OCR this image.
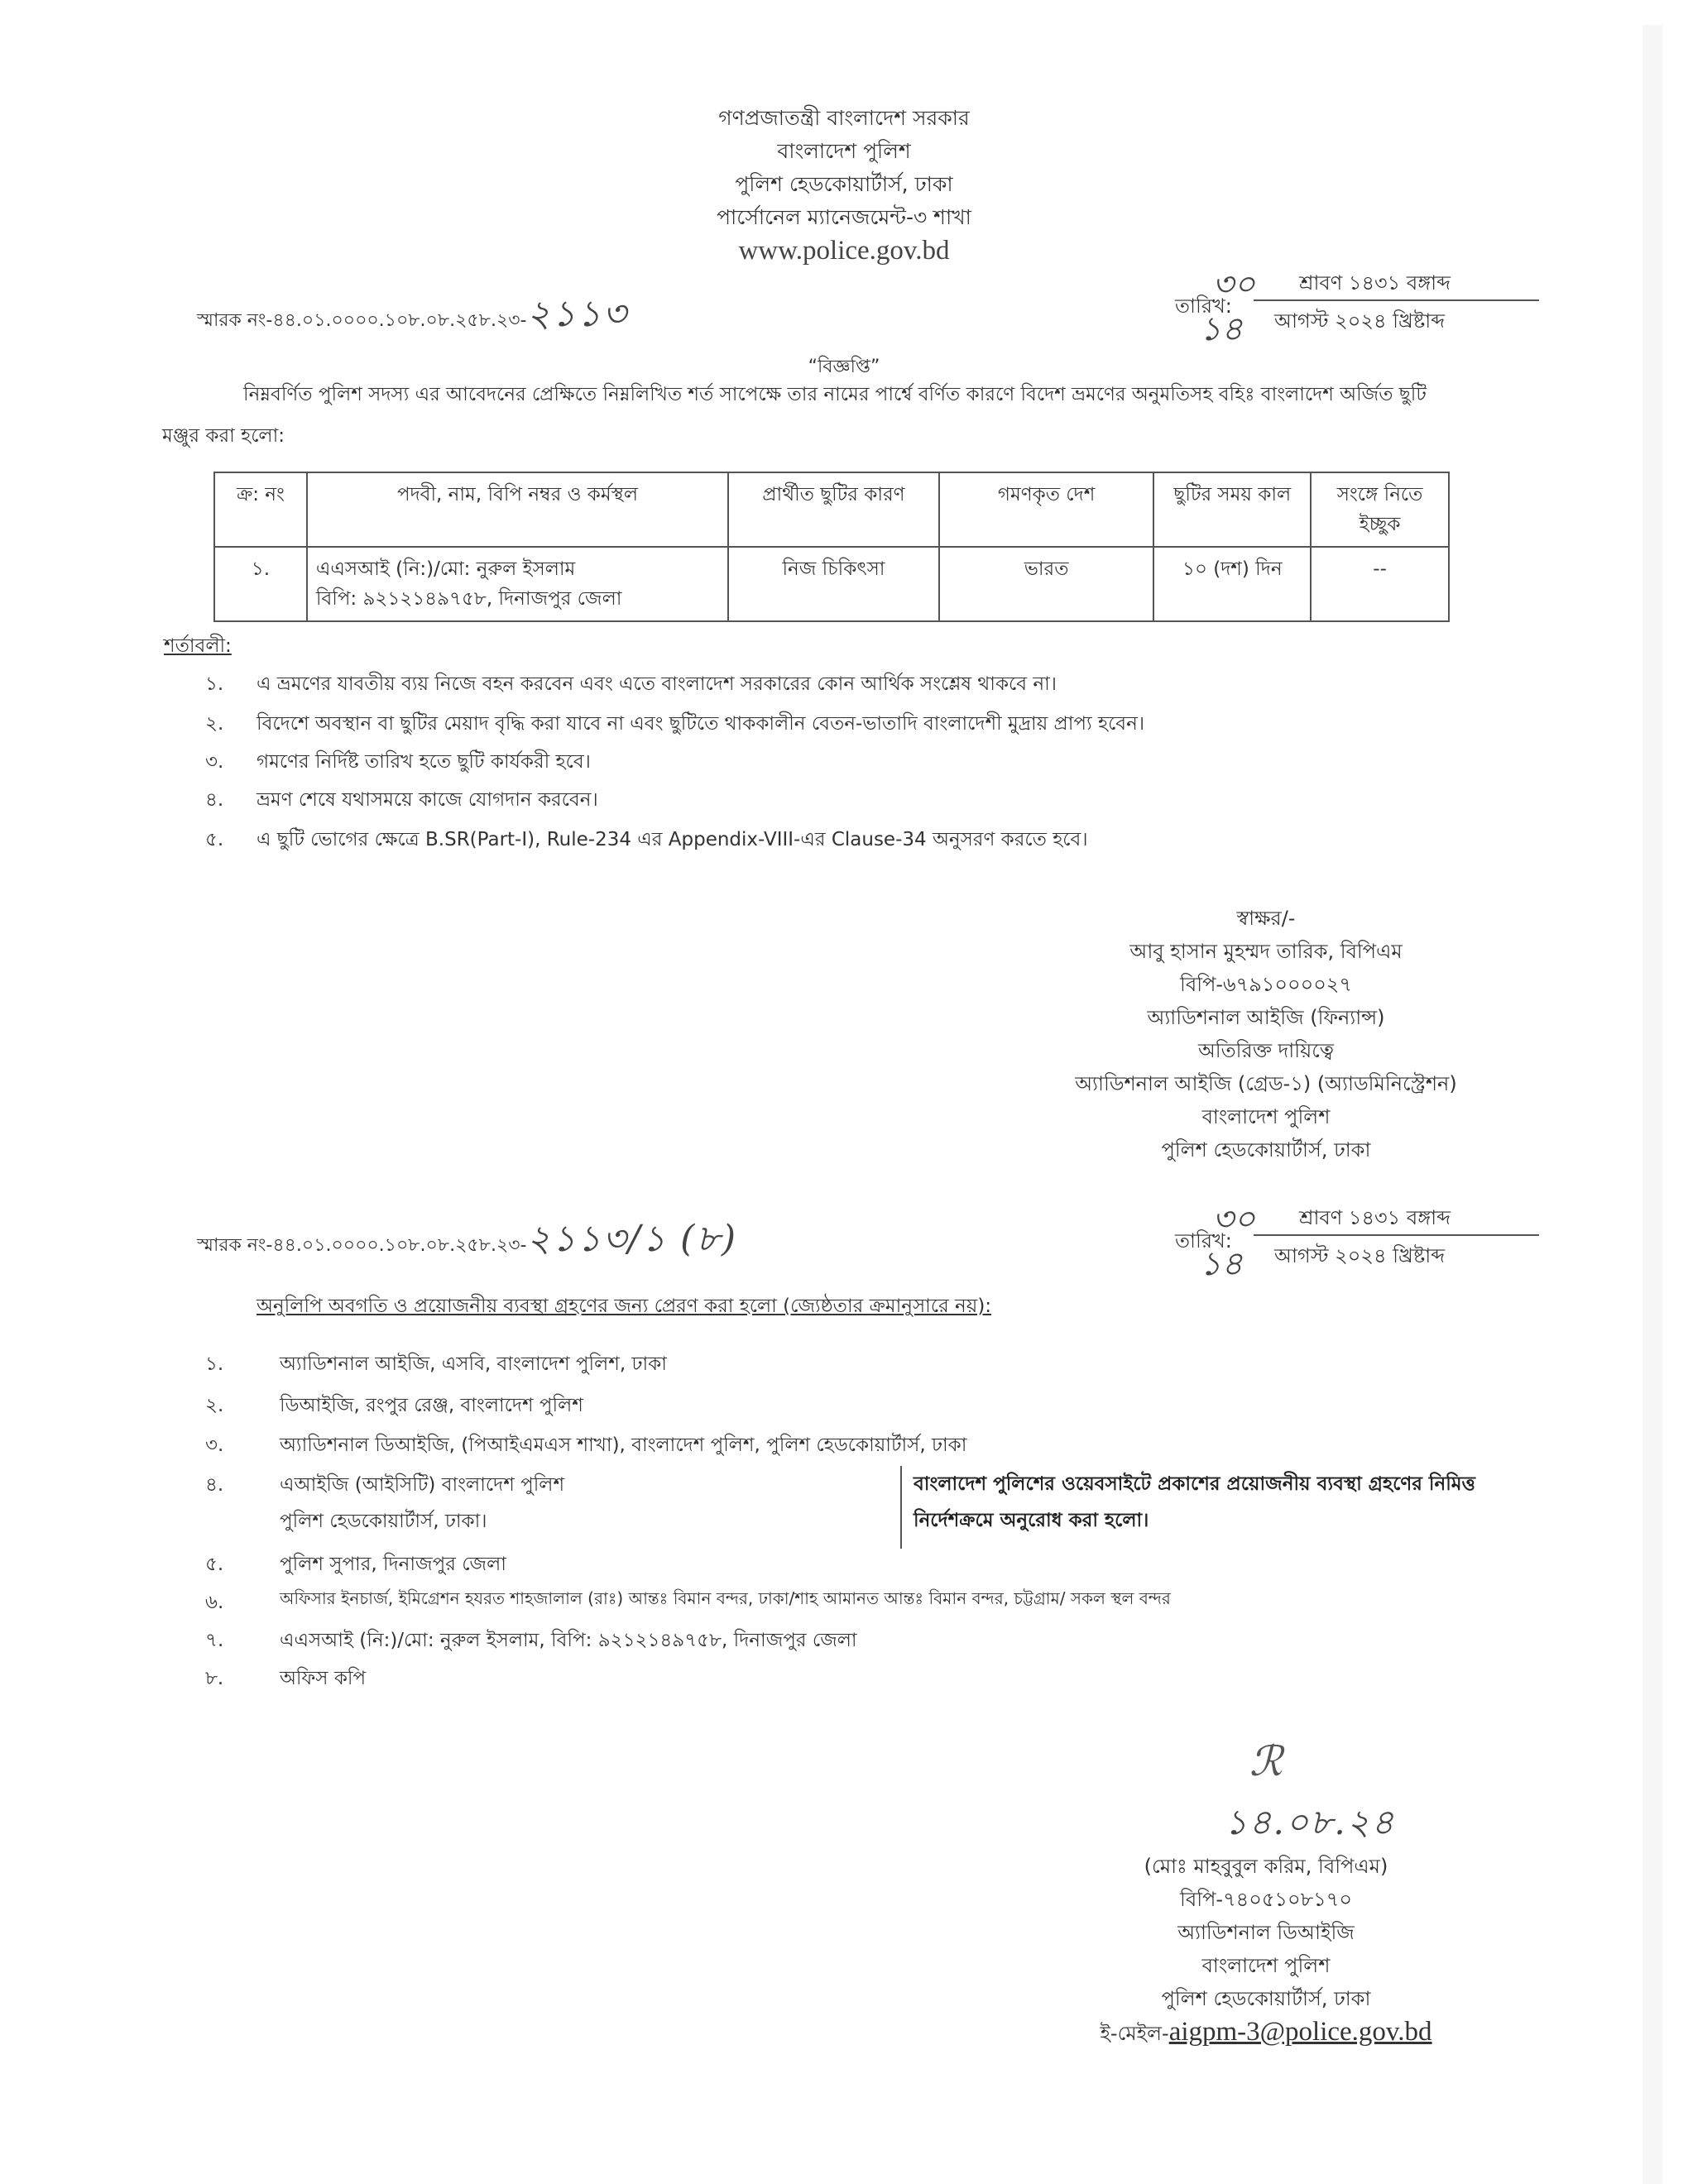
গণপ্রজাতন্ত্রী বাংলাদেশ সরকার
বাংলাদেশ পুলিশ
পুলিশ হেডকোয়ার্টার্স, ঢাকা
পার্সোনেল ম্যানেজমেন্ট-৩ শাখা
www.police.gov.bd
স্মারক নং-৪৪.০১.০০০০.১০৮.০৮.২৫৮.২৩-২১১৩	তারিখ:
৩০ শ্রাবণ ১৪৩১ বঙ্গাব্দ
১৪ আগস্ট ২০২৪ খ্রিষ্টাব্দ
“বিজ্ঞপ্তি”
নিম্নবর্ণিত পুলিশ সদস্য এর আবেদনের প্রেক্ষিতে নিম্নলিখিত শর্ত সাপেক্ষে তার নামের পার্শ্বে বর্ণিত কারণে বিদেশ ভ্রমণের অনুমতিসহ বহিঃ বাংলাদেশ অর্জিত ছুটি মঞ্জুর করা হলো:
ক্র: নং	পদবী, নাম, বিপি নম্বর ও কর্মস্থল	প্রার্থীত ছুটির কারণ	গমণকৃত দেশ	ছুটির সময় কাল	সংঙ্গে নিতে ইচ্ছুক
১.	এএসআই (নি:)/মো: নুরুল ইসলাম
বিপি: ৯২১২১৪৯৭৫৮, দিনাজপুর জেলা	নিজ চিকিৎসা	ভারত	১০ (দশ) দিন	--
শর্তাবলী:
১. এ ভ্রমণের যাবতীয় ব্যয় নিজে বহন করবেন এবং এতে বাংলাদেশ সরকারের কোন আর্থিক সংশ্লেষ থাকবে না।
২. বিদেশে অবস্থান বা ছুটির মেয়াদ বৃদ্ধি করা যাবে না এবং ছুটিতে থাককালীন বেতন-ভাতাদি বাংলাদেশী মুদ্রায় প্রাপ্য হবেন।
৩. গমণের নির্দিষ্ট তারিখ হতে ছুটি কার্যকরী হবে।
৪. ভ্রমণ শেষে যথাসময়ে কাজে যোগদান করবেন।
৫. এ ছুটি ভোগের ক্ষেত্রে B.SR(Part-I), Rule-234 এর Appendix-VIII-এর Clause-34 অনুসরণ করতে হবে।
স্বাক্ষর/-
আবু হাসান মুহম্মদ তারিক, বিপিএম
বিপি-৬৭৯১০০০০২৭
অ্যাডিশনাল আইজি (ফিন্যান্স)
অতিরিক্ত দায়িত্বে
অ্যাডিশনাল আইজি (গ্রেড-১) (অ্যাডমিনিস্ট্রেশন)
বাংলাদেশ পুলিশ
পুলিশ হেডকোয়ার্টার্স, ঢাকা
স্মারক নং-৪৪.০১.০০০০.১০৮.০৮.২৫৮.২৩-২১১৩/১ (৮)	তারিখ:
৩০ শ্রাবণ ১৪৩১ বঙ্গাব্দ
১৪ আগস্ট ২০২৪ খ্রিষ্টাব্দ
অনুলিপি অবগতি ও প্রয়োজনীয় ব্যবস্থা গ্রহণের জন্য প্রেরণ করা হলো (জ্যেষ্ঠতার ক্রমানুসারে নয়):
১.	অ্যাডিশনাল আইজি, এসবি, বাংলাদেশ পুলিশ, ঢাকা
২.	ডিআইজি, রংপুর রেঞ্জ, বাংলাদেশ পুলিশ
৩.	অ্যাডিশনাল ডিআইজি, (পিআইএমএস শাখা), বাংলাদেশ পুলিশ, পুলিশ হেডকোয়ার্টার্স, ঢাকা
৪.	এআইজি (আইসিটি) বাংলাদেশ পুলিশ
পুলিশ হেডকোয়ার্টার্স, ঢাকা।
বাংলাদেশ পুলিশের ওয়েবসাইটে প্রকাশের প্রয়োজনীয় ব্যবস্থা গ্রহণের নিমিত্ত নির্দেশক্রমে অনুরোধ করা হলো।
৫.	পুলিশ সুপার, দিনাজপুর জেলা
৬.	অফিসার ইনচার্জ, ইমিগ্রেশন হযরত শাহজালাল (রাঃ) আন্তঃ বিমান বন্দর, ঢাকা/শাহ আমানত আন্তঃ বিমান বন্দর, চট্টগ্রাম/ সকল স্থল বন্দর
৭.	এএসআই (নি:)/মো: নুরুল ইসলাম, বিপি: ৯২১২১৪৯৭৫৮, দিনাজপুর জেলা
৮.	অফিস কপি
ℛ
১৪.০৮.২৪
(মোঃ মাহবুবুল করিম, বিপিএম)
বিপি-৭৪০৫১০৮১৭০
অ্যাডিশনাল ডিআইজি
বাংলাদেশ পুলিশ
পুলিশ হেডকোয়ার্টার্স, ঢাকা
ই-মেইল-aigpm-3@police.gov.bd
